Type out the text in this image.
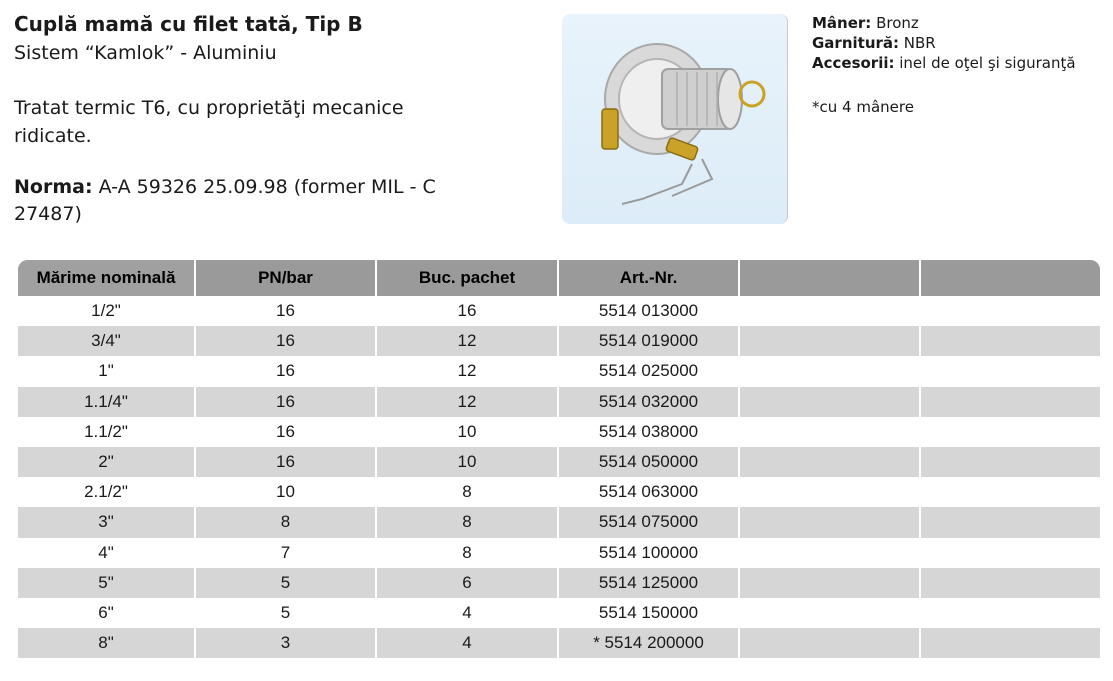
Cuplă mamă cu filet tată, Tip B
Sistem “Kamlok” - Aluminiu
Tratat termic T6, cu proprietăţi mecanice ridicate.
Norma: A-A 59326 25.09.98 (former MIL - C 27487)
Mâner: Bronz
Garnitură: NBR
Accesorii: inel de oţel şi siguranţă
*cu 4 mânere
Mărime nominală	PN/bar	Buc. pachet	Art.-Nr.
1/2"	16	16	5514 013000
3/4"	16	12	5514 019000
1"	16	12	5514 025000
1.1/4"	16	12	5514 032000
1.1/2"	16	10	5514 038000
2"	16	10	5514 050000
2.1/2"	10	8	5514 063000
3"	8	8	5514 075000
4"	7	8	5514 100000
5"	5	6	5514 125000
6"	5	4	5514 150000
8"	3	4	* 5514 200000
